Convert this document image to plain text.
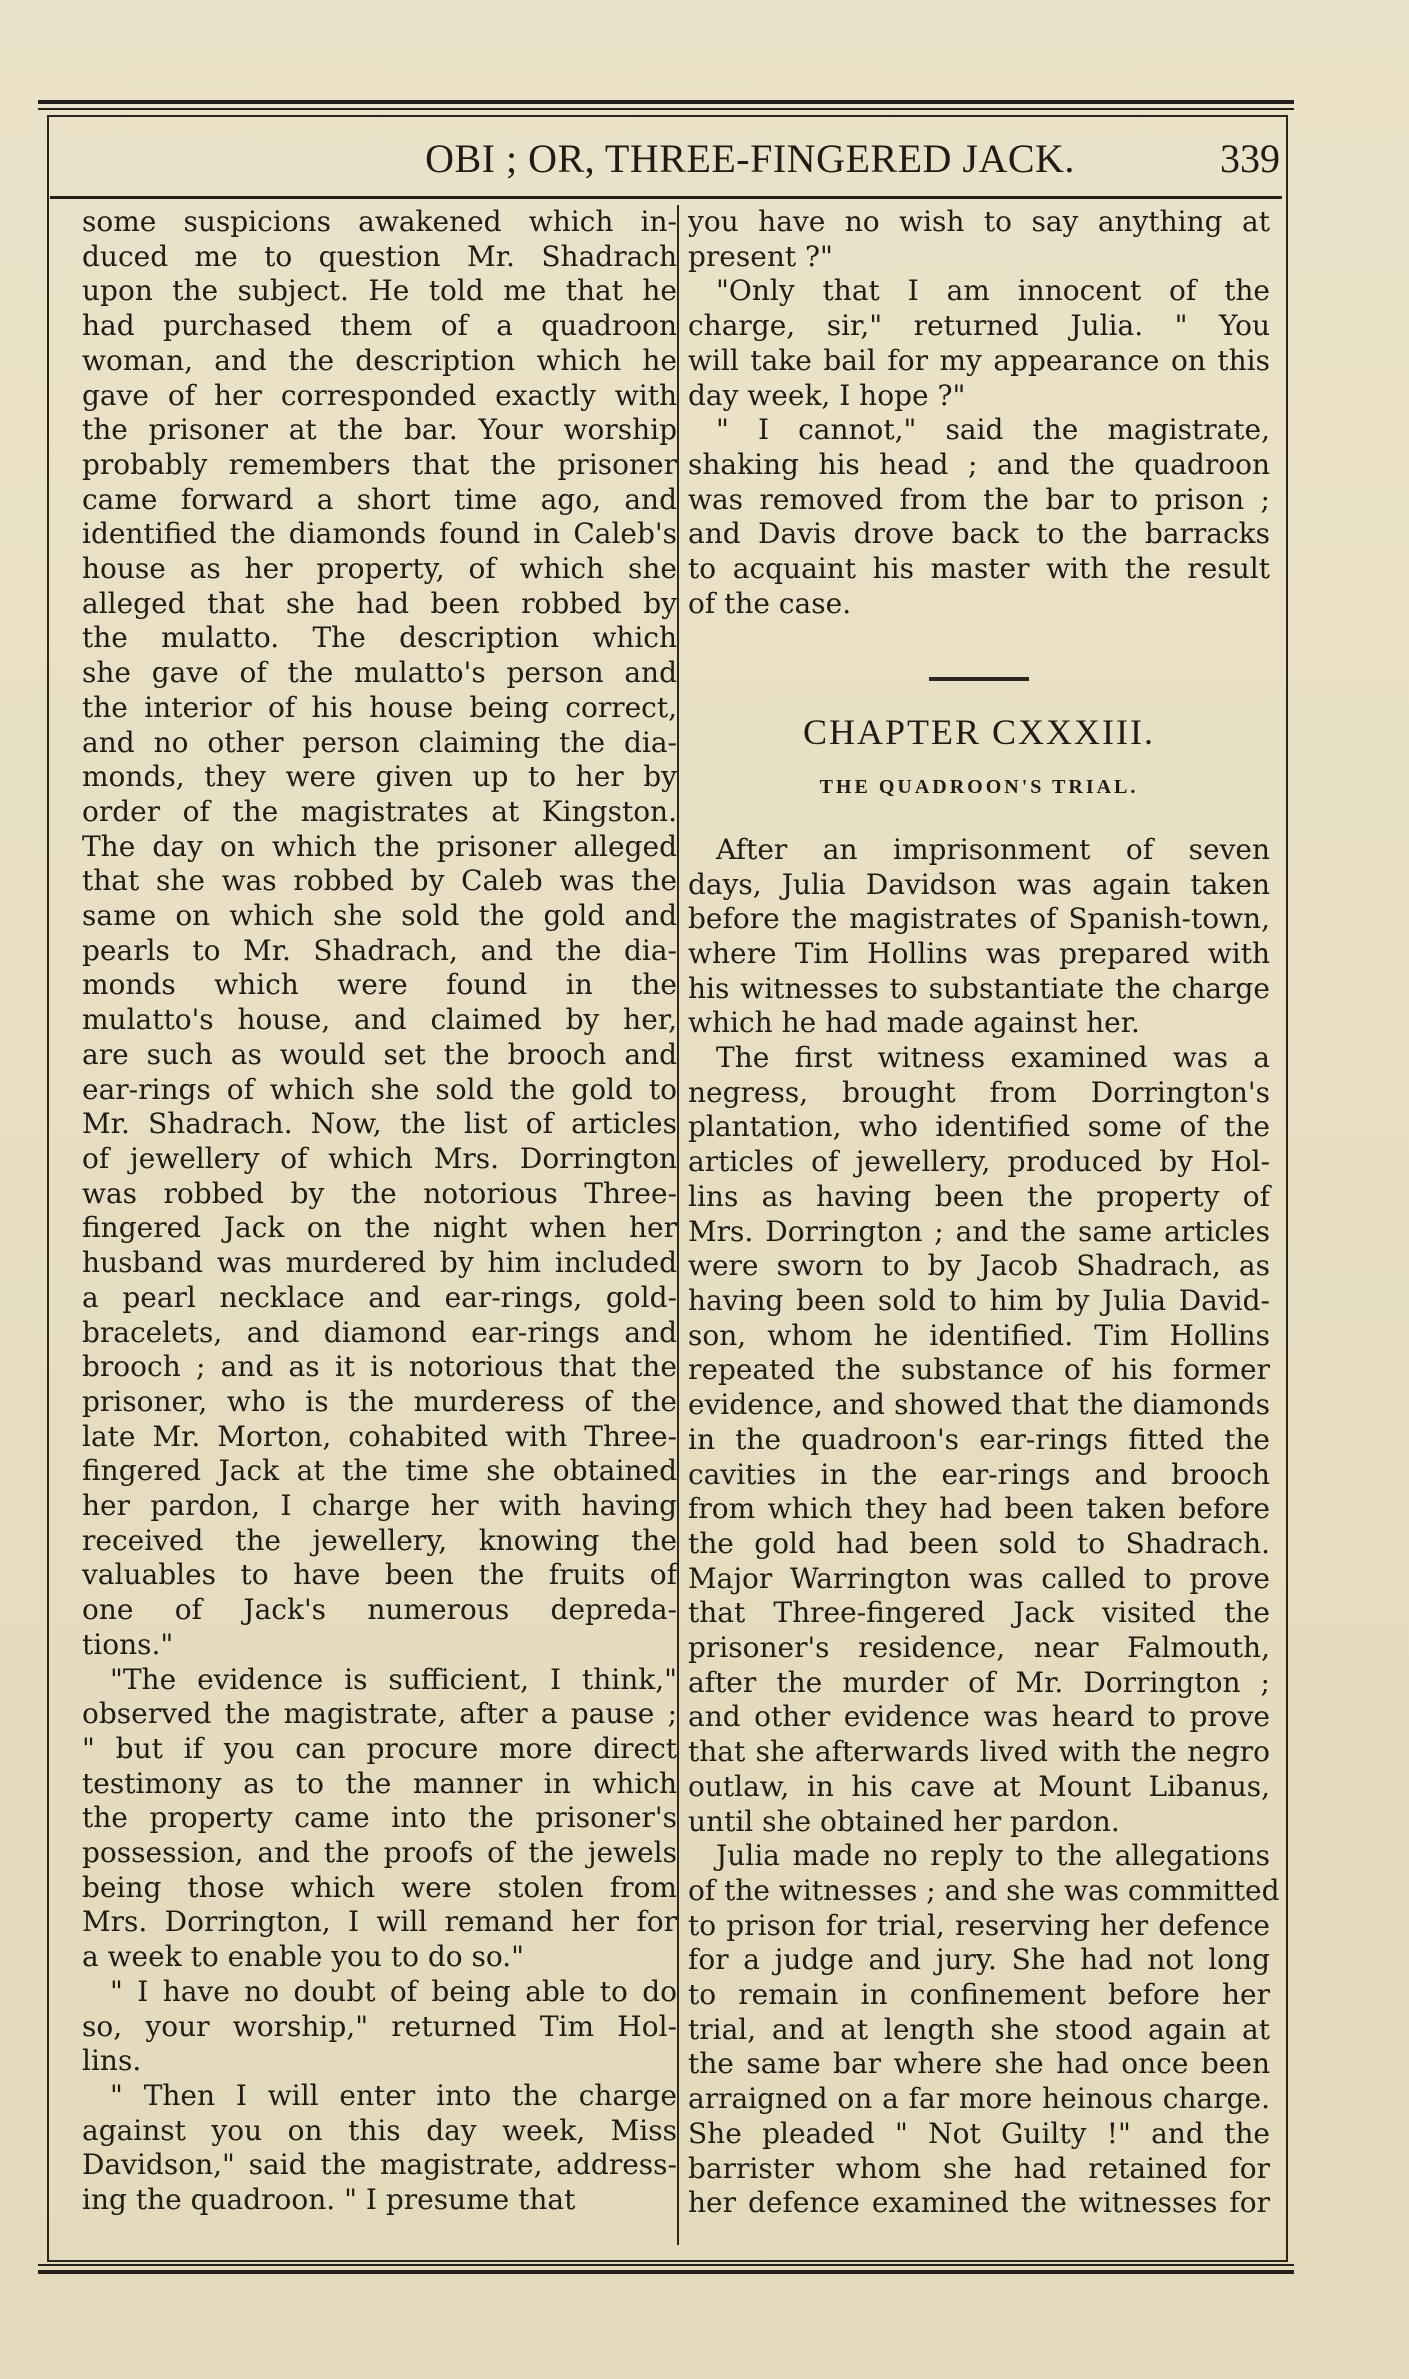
OBI ; OR, THREE-FINGERED JACK.	339
some suspicions awakened which in-
duced me to question Mr. Shadrach
upon the subject. He told me that he
had purchased them of a quadroon
woman, and the description which he
gave of her corresponded exactly with
the prisoner at the bar. Your worship
probably remembers that the prisoner
came forward a short time ago, and
identified the diamonds found in Caleb's
house as her property, of which she
alleged that she had been robbed by
the mulatto. The description which
she gave of the mulatto's person and
the interior of his house being correct,
and no other person claiming the dia-
monds, they were given up to her by
order of the magistrates at Kingston.
The day on which the prisoner alleged
that she was robbed by Caleb was the
same on which she sold the gold and
pearls to Mr. Shadrach, and the dia-
monds which were found in the
mulatto's house, and claimed by her,
are such as would set the brooch and
ear-rings of which she sold the gold to
Mr. Shadrach. Now, the list of articles
of jewellery of which Mrs. Dorrington
was robbed by the notorious Three-
fingered Jack on the night when her
husband was murdered by him included
a pearl necklace and ear-rings, gold-
bracelets, and diamond ear-rings and
brooch ; and as it is notorious that the
prisoner, who is the murderess of the
late Mr. Morton, cohabited with Three-
fingered Jack at the time she obtained
her pardon, I charge her with having
received the jewellery, knowing the
valuables to have been the fruits of
one of Jack's numerous depreda-
tions."
"The evidence is sufficient, I think,"
observed the magistrate, after a pause ;
" but if you can procure more direct
testimony as to the manner in which
the property came into the prisoner's
possession, and the proofs of the jewels
being those which were stolen from
Mrs. Dorrington, I will remand her for
a week to enable you to do so."
" I have no doubt of being able to do
so, your worship," returned Tim Hol-
lins.
" Then I will enter into the charge
against you on this day week, Miss
Davidson," said the magistrate, address-
ing the quadroon. " I presume that
you have no wish to say anything at
present ?"
"Only that I am innocent of the
charge, sir," returned Julia. " You
will take bail for my appearance on this
day week, I hope ?"
" I cannot," said the magistrate,
shaking his head ; and the quadroon
was removed from the bar to prison ;
and Davis drove back to the barracks
to acquaint his master with the result
of the case.
CHAPTER CXXXIII.
THE QUADROON'S TRIAL.
After an imprisonment of seven
days, Julia Davidson was again taken
before the magistrates of Spanish-town,
where Tim Hollins was prepared with
his witnesses to substantiate the charge
which he had made against her.
The first witness examined was a
negress, brought from Dorrington's
plantation, who identified some of the
articles of jewellery, produced by Hol-
lins as having been the property of
Mrs. Dorrington ; and the same articles
were sworn to by Jacob Shadrach, as
having been sold to him by Julia David-
son, whom he identified. Tim Hollins
repeated the substance of his former
evidence, and showed that the diamonds
in the quadroon's ear-rings fitted the
cavities in the ear-rings and brooch
from which they had been taken before
the gold had been sold to Shadrach.
Major Warrington was called to prove
that Three-fingered Jack visited the
prisoner's residence, near Falmouth,
after the murder of Mr. Dorrington ;
and other evidence was heard to prove
that she afterwards lived with the negro
outlaw, in his cave at Mount Libanus,
until she obtained her pardon.
Julia made no reply to the allegations
of the witnesses ; and she was committed
to prison for trial, reserving her defence
for a judge and jury. She had not long
to remain in confinement before her
trial, and at length she stood again at
the same bar where she had once been
arraigned on a far more heinous charge.
She pleaded " Not Guilty !" and the
barrister whom she had retained for
her defence examined the witnesses for
